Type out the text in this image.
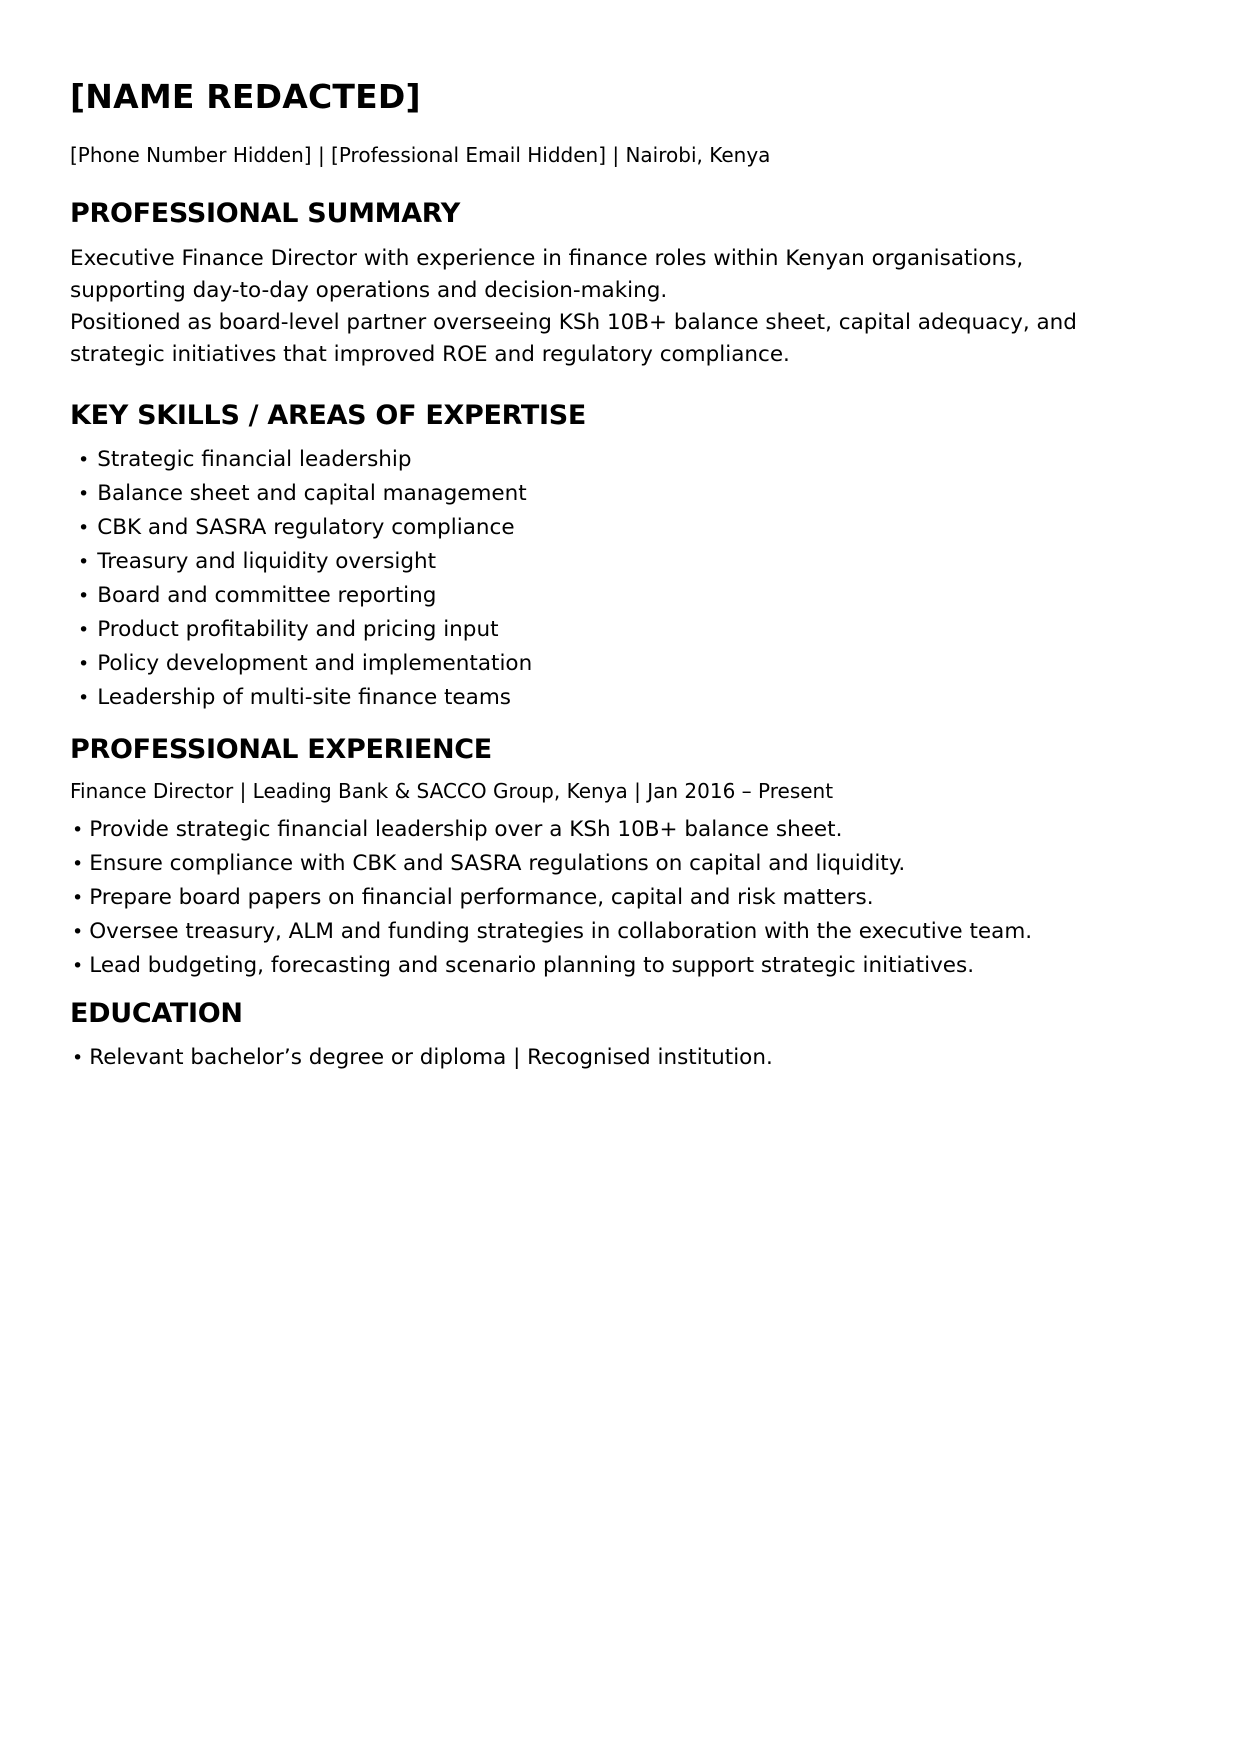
[NAME REDACTED]
[Phone Number Hidden] | [Professional Email Hidden] | Nairobi, Kenya
PROFESSIONAL SUMMARY
Executive Finance Director with experience in finance roles within Kenyan organisations,
supporting day-to-day operations and decision-making.
Positioned as board-level partner overseeing KSh 10B+ balance sheet, capital adequacy, and
strategic initiatives that improved ROE and regulatory compliance.
KEY SKILLS / AREAS OF EXPERTISE
• Strategic financial leadership
• Balance sheet and capital management
• CBK and SASRA regulatory compliance
• Treasury and liquidity oversight
• Board and committee reporting
• Product profitability and pricing input
• Policy development and implementation
• Leadership of multi-site finance teams
PROFESSIONAL EXPERIENCE
Finance Director | Leading Bank & SACCO Group, Kenya | Jan 2016 – Present
• Provide strategic financial leadership over a KSh 10B+ balance sheet.
• Ensure compliance with CBK and SASRA regulations on capital and liquidity.
• Prepare board papers on financial performance, capital and risk matters.
• Oversee treasury, ALM and funding strategies in collaboration with the executive team.
• Lead budgeting, forecasting and scenario planning to support strategic initiatives.
EDUCATION
• Relevant bachelor’s degree or diploma | Recognised institution.
